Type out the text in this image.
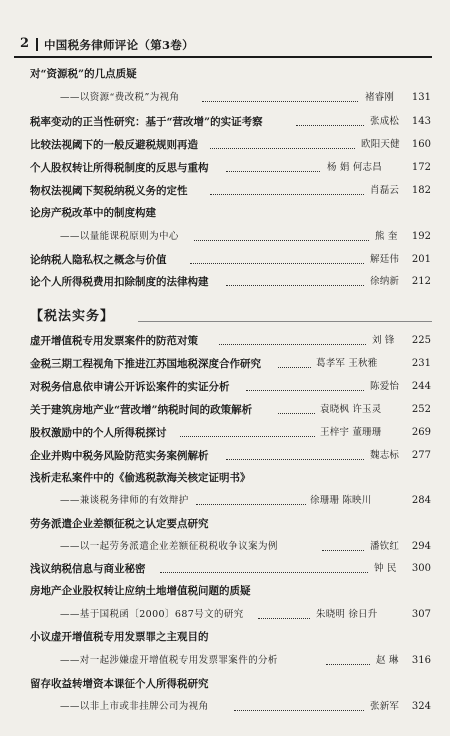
2 中国税务律师评论（第3卷）
对“资源税”的几点质疑
——以资源“费改税”为视角	褚睿刚 131
税率变动的正当性研究：基于“营改增”的实证考察	张成松 143
比较法视阈下的一般反避税规则再造	欧阳天健 160
个人股权转让所得税制度的反思与重构	杨 娟 何志昌	172
物权法视阈下契税纳税义务的定性	肖磊云 182
论房产税改革中的制度构建
——以量能课税原则为中心	熊 奎 192
论纳税人隐私权之概念与价值	解廷伟 201
论个人所得税费用扣除制度的法律构建	徐纳新 212
【税法实务】
虚开增值税专用发票案件的防范对策	刘 锋 225
金税三期工程视角下推进江苏国地税深度合作研究	葛孝军 王秋雅	231
对税务信息依申请公开诉讼案件的实证分析	陈爱怡 244
关于建筑房地产业“营改增”纳税时间的政策解析	袁晓枫 许玉灵	252
股权激励中的个人所得税探讨	王梓宇 董珊珊	269
企业并购中税务风险防范实务案例解析	魏志标 277
浅析走私案件中的《偷逃税款海关核定证明书》
——兼谈税务律师的有效辩护	徐珊珊 陈映川	284
劳务派遣企业差额征税之认定要点研究
——以一起劳务派遣企业差额征税税收争议案为例	潘钦红 294
浅议纳税信息与商业秘密	钟 民 300
房地产企业股权转让应纳土地增值税问题的质疑
——基于国税函〔2000〕687号文的研究	朱晓明 徐日升	307
小议虚开增值税专用发票罪之主观目的
——对一起涉嫌虚开增值税专用发票罪案件的分析	赵 琳 316
留存收益转增资本课征个人所得税研究
——以非上市或非挂牌公司为视角	张新军 324
